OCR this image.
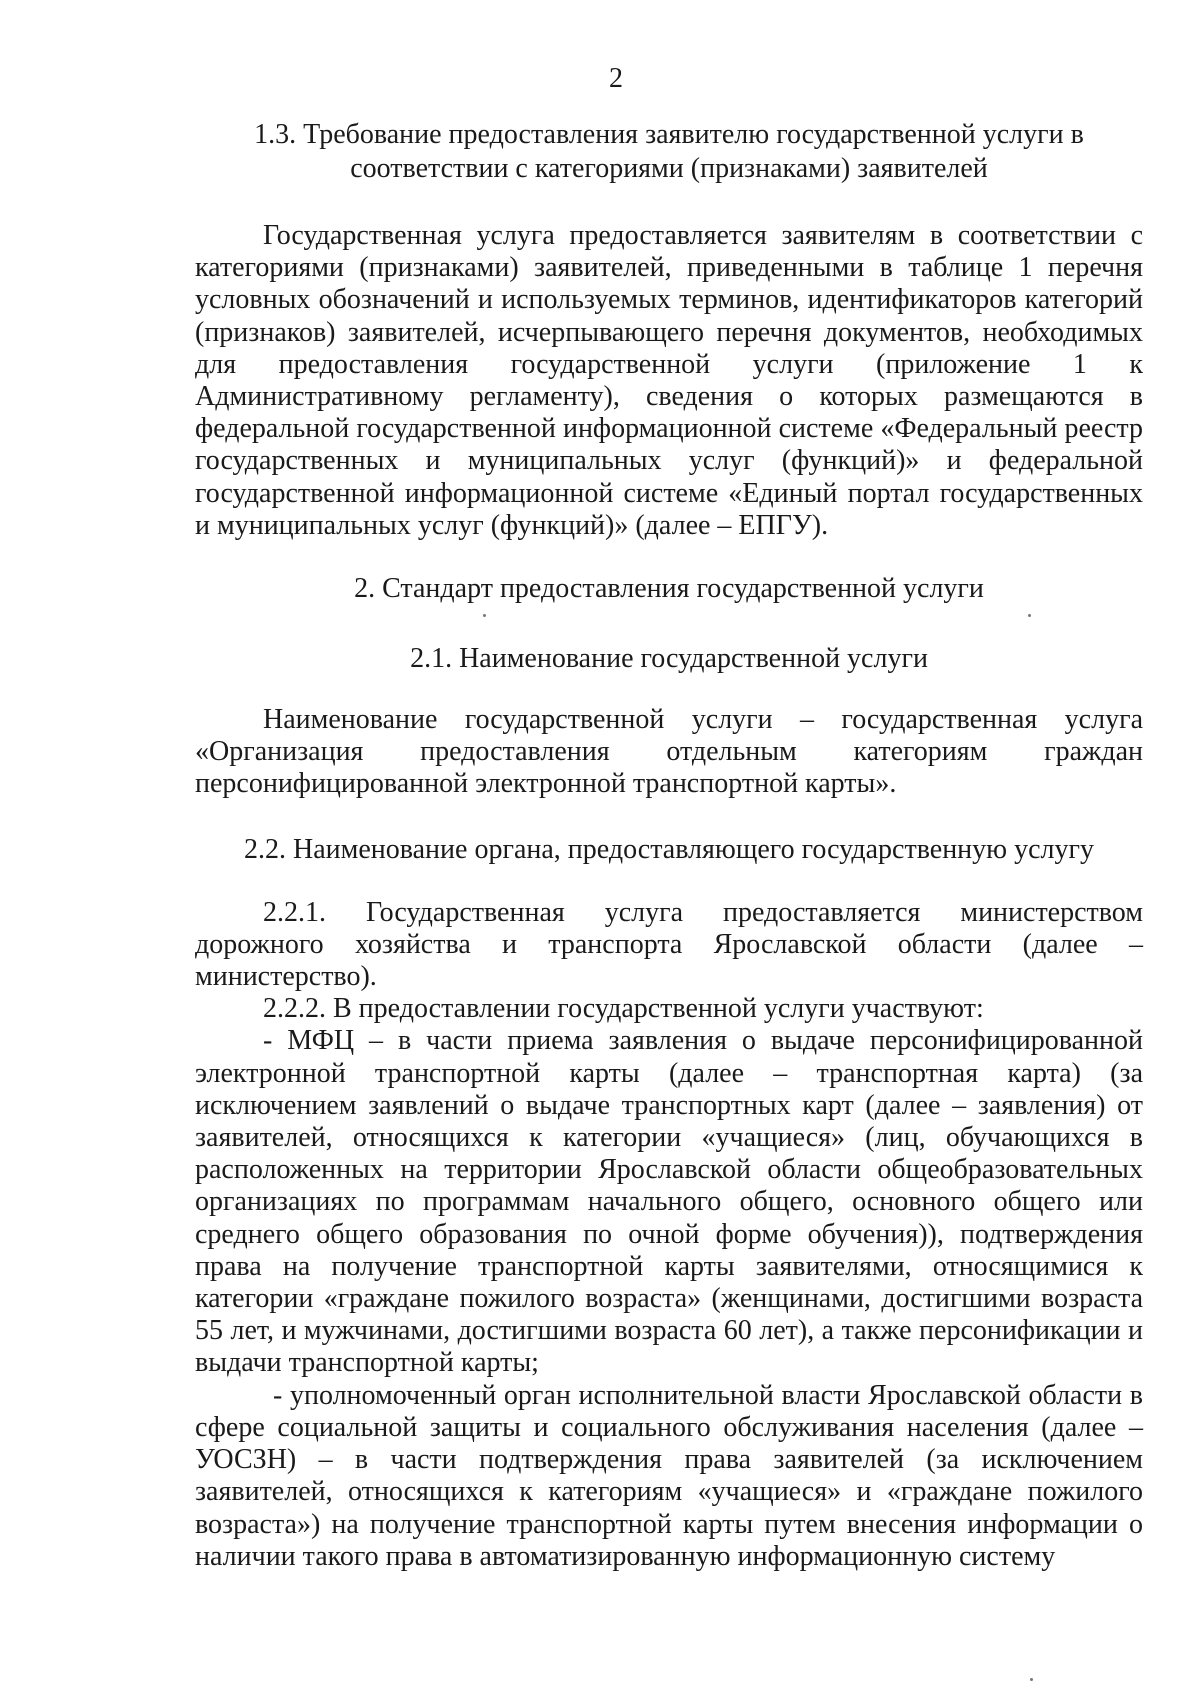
2
1.3. Требование предоставления заявителю государственной услуги в соответствии с категориями (признаками) заявителей

Государственная услуга предоставляется заявителям в соответствии с категориями (признаками) заявителей, приведенными в таблице 1 перечня условных обозначений и используемых терминов, идентификаторов категорий (признаков) заявителей, исчерпывающего перечня документов, необходимых для предоставления государственной услуги (приложение 1 к Административному регламенту), сведения о которых размещаются в федеральной государственной информационной системе «Федеральный реестр государственных и муниципальных услуг (функций)» и федеральной государственной информационной системе «Единый портал государственных и муниципальных услуг (функций)» (далее – ЕПГУ).

2. Стандарт предоставления государственной услуги
2.1. Наименование государственной услуги

Наименование государственной услуги – государственная услуга «Организация предоставления отдельным категориям граждан персонифицированной электронной транспортной карты».

2.2. Наименование органа, предоставляющего государственную услугу

2.2.1. Государственная услуга предоставляется министерством дорожного хозяйства и транспорта Ярославской области (далее – министерство).

2.2.2. В предоставлении государственной услуги участвуют:

- МФЦ – в части приема заявления о выдаче персонифицированной электронной транспортной карты (далее – транспортная карта) (за исключением заявлений о выдаче транспортных карт (далее – заявления) от заявителей, относящихся к категории «учащиеся» (лиц, обучающихся в расположенных на территории Ярославской области общеобразовательных организациях по программам начального общего, основного общего или среднего общего образования по очной форме обучения)), подтверждения права на получение транспортной карты заявителями, относящимися к категории «граждане пожилого возраста» (женщинами, достигшими возраста 55 лет, и мужчинами, достигшими возраста 60 лет), а также персонификации и выдачи транспортной карты;

- уполномоченный орган исполнительной власти Ярославской области в сфере социальной защиты и социального обслуживания населения (далее – УОСЗН) – в части подтверждения права заявителей (за исключением заявителей, относящихся к категориям «учащиеся» и «граждане пожилого возраста») на получение транспортной карты путем внесения информации о наличии такого права в автоматизированную информационную систему
